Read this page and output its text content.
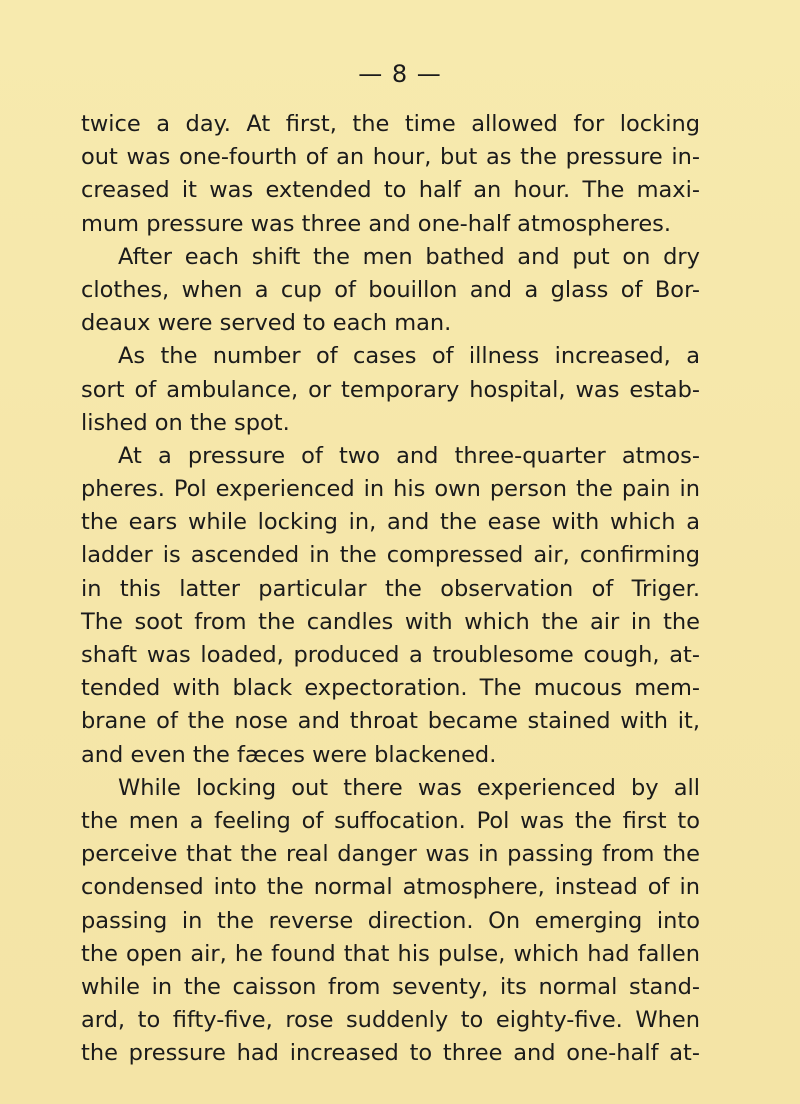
— 8 —
twice a day. At first, the time allowed for locking
out was one-fourth of an hour, but as the pressure in-
creased it was extended to half an hour. The maxi-
mum pressure was three and one-half atmospheres.
After each shift the men bathed and put on dry
clothes, when a cup of bouillon and a glass of Bor-
deaux were served to each man.
As the number of cases of illness increased, a
sort of ambulance, or temporary hospital, was estab-
lished on the spot.
At a pressure of two and three-quarter atmos-
pheres. Pol experienced in his own person the pain in
the ears while locking in, and the ease with which a
ladder is ascended in the compressed air, confirming
in this latter particular the observation of Triger.
The soot from the candles with which the air in the
shaft was loaded, produced a troublesome cough, at-
tended with black expectoration. The mucous mem-
brane of the nose and throat became stained with it,
and even the fæces were blackened.
While locking out there was experienced by all
the men a feeling of suffocation. Pol was the first to
perceive that the real danger was in passing from the
condensed into the normal atmosphere, instead of in
passing in the reverse direction. On emerging into
the open air, he found that his pulse, which had fallen
while in the caisson from seventy, its normal stand-
ard, to fifty-five, rose suddenly to eighty-five. When
the pressure had increased to three and one-half at-
